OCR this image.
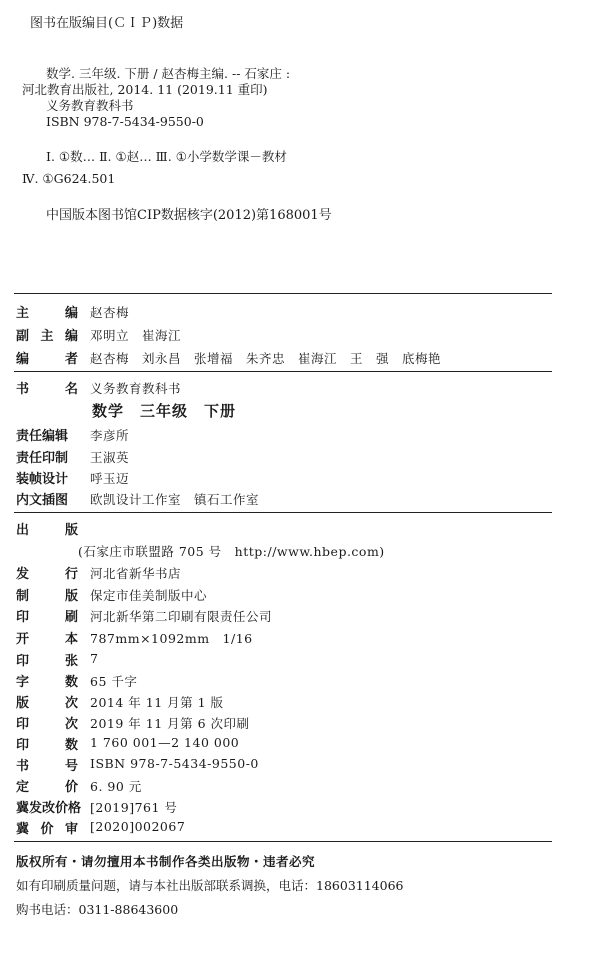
图书在版编目(ＣＩＰ)数据
数学. 三年级. 下册 / 赵杏梅主编. -- 石家庄 :
河北教育出版社, 2014. 11 (2019.11 重印)
义务教育教科书
ISBN 978-7-5434-9550-0
Ⅰ. ①数… Ⅱ. ①赵… Ⅲ. ①小学数学课－教材
Ⅳ. ①G624.501
中国版本图书馆CIP数据核字(2012)第168001号
主	编 赵杏梅
副 主 编 邓明立　崔海江
编	者 赵杏梅　刘永昌　张增福　朱齐忠　崔海江　王　强　底梅艳
书	名 义务教育教科书
数学　三年级　下册
责任编辑 李彦所
责任印制 王淑英
装帧设计 呼玉迈
内文插图 欧凯设计工作室　镇石工作室
出	版
(石家庄市联盟路 705 号　http://www.hbep.com)
发	行 河北省新华书店
制	版 保定市佳美制版中心
印	刷 河北新华第二印刷有限责任公司
开	本 787mm×1092mm　1/16
印	张 7
字	数 65 千字
版	次 2014 年 11 月第 1 版
印	次 2019 年 11 月第 6 次印刷
印	数 1 760 001—2 140 000
书	号 ISBN 978-7-5434-9550-0
定	价 6. 90 元
冀发改价格 [2019]761 号
冀 价 审 [2020]002067
版权所有・请勿擅用本书制作各类出版物・违者必究
如有印刷质量问题，请与本社出版部联系调换，电话：18603114066
购书电话：0311-88643600
